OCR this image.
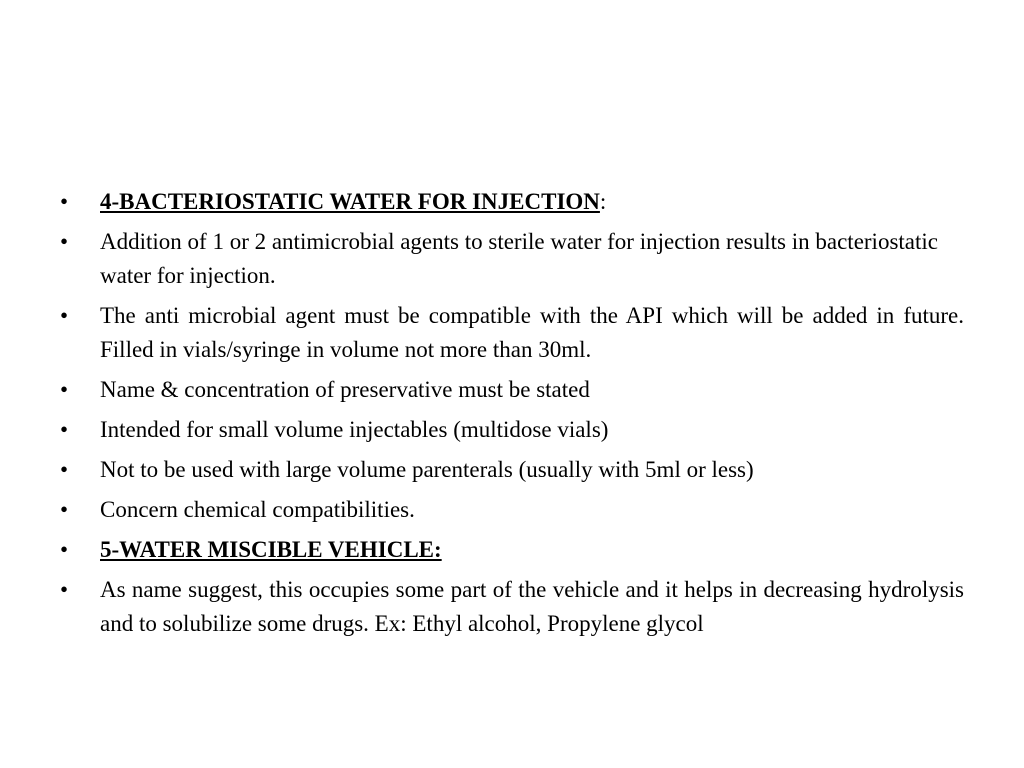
•	4-BACTERIOSTATIC WATER FOR INJECTION:
•	Addition of 1 or 2 antimicrobial agents to sterile water for injection results in bacteriostatic water for injection.
•	The anti microbial agent must be compatible with the API which will be added in future. Filled in vials/syringe in volume not more than 30ml.
•	Name & concentration of preservative must be stated
•	Intended for small volume injectables (multidose vials)
•	Not to be used with large volume parenterals (usually with 5ml or less)
•	Concern chemical compatibilities.
•	5-WATER MISCIBLE VEHICLE:
•	As name suggest, this occupies some part of the vehicle and it helps in decreasing hydrolysis and to solubilize some drugs. Ex: Ethyl alcohol, Propylene glycol
